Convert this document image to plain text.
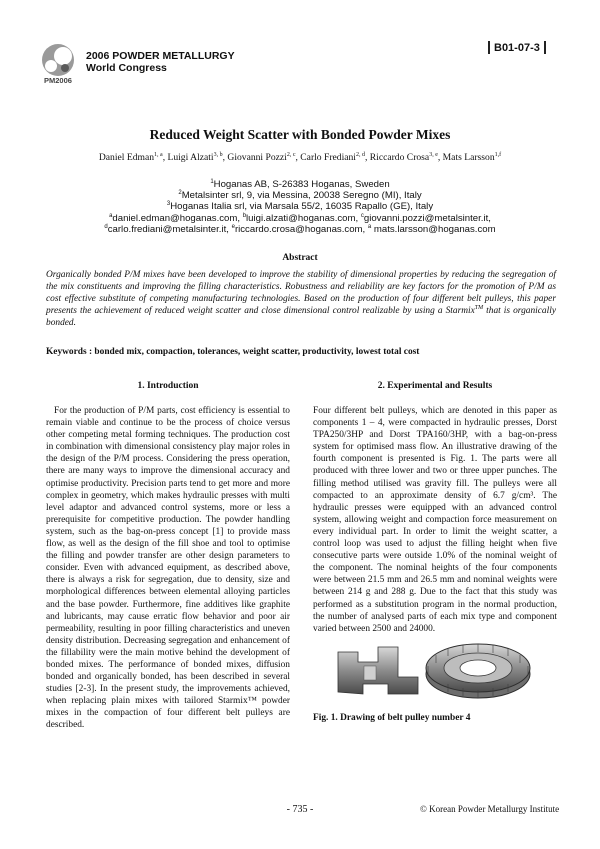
PM2006
2006 POWDER METALLURGY
World Congress
B01-07-3
Reduced Weight Scatter with Bonded Powder Mixes
Daniel Edman$^{1, a}$, Luigi Alzati$^{3, b}$, Giovanni Pozzi$^{2, c}$, Carlo Frediani$^{2, d}$, Riccardo Crosa$^{3, e}$, Mats Larsson$^{1,f}$
$^1$Hoganas AB, S-26383 Hoganas, Sweden
$^2$Metalsinter srl, 9, via Messina, 20038 Seregno (MI), Italy
$^3$Hoganas Italia srl, via Marsala 55/2, 16035 Rapallo (GE), Italy
$^a$daniel.edman@hoganas.com, $^b$luigi.alzati@hoganas.com, $^c$giovanni.pozzi@metalsinter.it,
$^d$carlo.frediani@metalsinter.it, $^e$riccardo.crosa@hoganas.com, $^a$ mats.larsson@hoganas.com
Abstract
Organically bonded P/M mixes have been developed to improve the stability of dimensional properties by reducing the segregation of the mix constituents and improving the filling characteristics. Robustness and reliability are key factors for the promotion of P/M as cost effective substitute of competing manufacturing technologies. Based on the production of four different belt pulleys, this paper presents the achievement of reduced weight scatter and close dimensional control realizable by using a Starmix™ that is organically bonded.
Keywords : bonded mix, compaction, tolerances, weight scatter, productivity, lowest total cost
1. Introduction
For the production of P/M parts, cost efficiency is essential to remain viable and continue to be the process of choice versus other competing metal forming techniques. The production cost in combination with dimensional consistency play major roles in the design of the P/M process. Considering the press operation, there are many ways to improve the dimensional accuracy and optimise productivity. Precision parts tend to get more and more complex in geometry, which makes hydraulic presses with multi level adaptor and advanced control systems, more or less a prerequisite for competitive production. The powder handling system, such as the bag-on-press concept [1] to provide mass flow, as well as the design of the fill shoe and tool to optimise the filling and powder transfer are other design parameters to consider. Even with advanced equipment, as described above, there is always a risk for segregation, due to density, size and morphological differences between elemental alloying particles and the base powder. Furthermore, fine additives like graphite and lubricants, may cause erratic flow behavior and poor air permeability, resulting in poor filling characteristics and uneven density distribution. Decreasing segregation and enhancement of the fillability were the main motive behind the development of bonded mixes. The performance of bonded mixes, diffusion bonded and organically bonded, has been described in several studies [2-3]. In the present study, the improvements achieved, when replacing plain mixes with tailored Starmix™ powder mixes in the compaction of four different belt pulleys are described.
2. Experimental and Results
Four different belt pulleys, which are denoted in this paper as components 1 – 4, were compacted in hydraulic presses, Dorst TPA250/3HP and Dorst TPA160/3HP, with a bag-on-press system for optimised mass flow. An illustrative drawing of the fourth component is presented is Fig. 1. The parts were all produced with three lower and two or three upper punches. The filling method utilised was gravity fill. The pulleys were all compacted to an approximate density of 6.7 g/cm³. The hydraulic presses were equipped with an advanced control system, allowing weight and compaction force measurement on every individual part. In order to limit the weight scatter, a control loop was used to adjust the filling height when five consecutive parts were outside 1.0% of the nominal weight of the component. The nominal heights of the four components were between 21.5 mm and 26.5 mm and nominal weights were between 214 g and 288 g. Due to the fact that this study was performed as a substitution program in the normal production, the number of analysed parts of each mix type and component varied between 2500 and 24000.
Fig. 1. Drawing of belt pulley number 4
- 735 -	© Korean Powder Metallurgy Institute
